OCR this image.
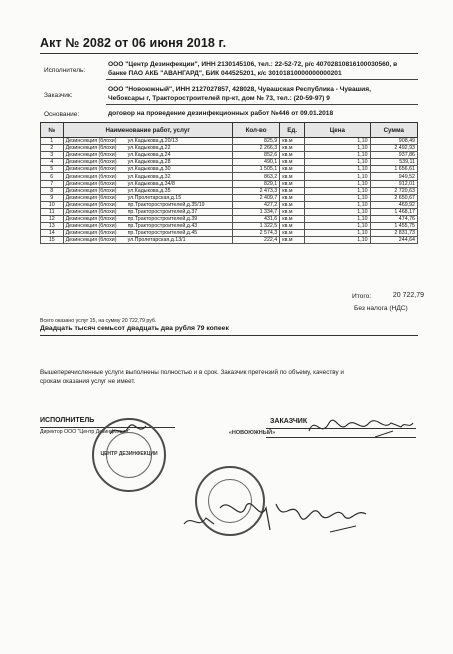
Акт № 2082 от 06 июня 2018 г.
Исполнитель:
ООО "Центр Дезинфекции", ИНН 2130145106, тел.: 22-52-72, р/с 40702810816100030560, в
банке ПАО АКБ "АВАНГАРД", БИК 044525201, к/с 30101810000000000201
Заказчик:
ООО "Новоюжный", ИНН 2127027857, 428028, Чувашская Республика - Чувашия,
Чебоксары г, Тракторостроителей пр-кт, дом № 73, тел.: (20-59-97) 9
Основание:	договор на проведение дезинфекционных работ №446 от 09.01.2018
№	Наименование работ, услуг	Кол-во	Ед.	Цена	Сумма
1	Дезинсекция (блохи) ул.Кадыкова,д.20/13	825,9	кв.м	1,10	908,49
2	Дезинсекция (блохи) ул.Кадыкова,д.22	2 266,3	кв.м	1,10	2 492,93
3	Дезинсекция (блохи) ул.Кадыкова,д.24	852,6	кв.м	1,10	937,86
4	Дезинсекция (блохи) ул.Кадыкова,д.28	490,1	кв.м	1,10	539,11
5	Дезинсекция (блохи) ул.Кадыкова,д.30	1 505,1	кв.м	1,10	1 656,61
6	Дезинсекция (блохи) ул.Кадыкова,д.32	863,2	кв.м	1,10	949,52
7	Дезинсекция (блохи) ул.Кадыкова,д.34/8	829,1	кв.м	1,10	912,01
8	Дезинсекция (блохи) ул.Кадыкова,д.35	2 473,3	кв.м	1,10	2 720,63
9	Дезинсекция (блохи) ул.Пролетарская,д.15	2 409,7	кв.м	1,10	2 650,67
10	Дезинсекция (блохи) пр.Тракторостроителей,д.35/19	427,2	кв.м	1,10	469,92
11	Дезинсекция (блохи) пр.Тракторостроителей,д.37	1 334,7	кв.м	1,10	1 468,17
12	Дезинсекция (блохи) пр.Тракторостроителей,д.39	431,6	кв.м	1,10	474,76
13	Дезинсекция (блохи) пр.Тракторостроителей,д.43	1 322,5	кв.м	1,10	1 455,75
14	Дезинсекция (блохи) пр.Тракторостроителей,д.45	2 574,3	кв.м	1,10	2 831,73
15	Дезинсекция (блохи) ул.Пролетарская,д.13/1	222,4	кв.м	1,10	244,64
Итого:	20 722,79
Без налога (НДС)
Всего оказано услуг 15, на сумму 20 722,79 руб.
Двадцать тысяч семьсот двадцать два рубля 79 копеек
Вышеперечисленные услуги выполнены полностью и в срок. Заказчик претензий по объему, качеству и
срокам оказания услуг не имеет.
ИСПОЛНИТЕЛЬ
Директор ООО "Центр Дезинфекции"
ЗАКАЗЧИК
ЦЕНТР ДЕЗИНФЕКЦИИ
«НОВОЮЖНЫЙ»
